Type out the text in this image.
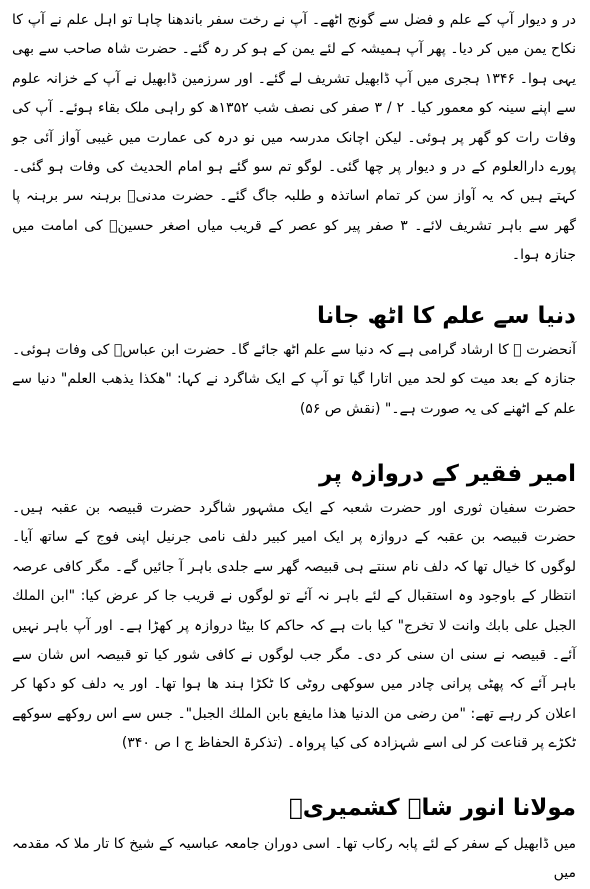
در و دیوار آپ کے علم و فضل سے گونج اٹھے۔ آپ نے رخت سفر باندھنا چاہا تو اہل علم نے آپ کا نکاح یمن میں کر دیا۔ پھر آپ ہمیشہ کے لئے یمن کے ہو کر رہ گئے۔ حضرت شاہ صاحب سے بھی یہی ہوا۔ ۱۳۴۶ ہجری میں آپ ڈابھیل تشریف لے گئے۔ اور سرزمین ڈابھیل نے آپ کے خزانہ علوم سے اپنے سینہ کو معمور کیا۔ ۲ / ۳ صفر کی نصف شب ۱۳۵۲ھ کو راہی ملک بقاء ہوئے۔ آپ کی وفات رات کو گھر پر ہوئی۔ لیکن اچانک مدرسہ میں نو درہ کی عمارت میں غیبی آواز آئی جو پورے دارالعلوم کے در و دیوار پر چھا گئی۔ لوگو تم سو گئے ہو امام الحدیث کی وفات ہو گئی۔ کہتے ہیں کہ یہ آواز سن کر تمام اساتذہ و طلبہ جاگ گئے۔ حضرت مدنیؒ برہنہ سر برہنہ پا گھر سے باہر تشریف لائے۔ ۳ صفر پیر کو عصر کے قریب میاں اصغر حسینؒ کی امامت میں جنازہ ہوا۔

دنیا سے علم کا اٹھ جانا

آنحضرت ﷺ کا ارشاد گرامی ہے کہ دنیا سے علم اٹھ جائے گا۔ حضرت ابن عباسؓ کی وفات ہوئی۔ جنازہ کے بعد میت کو لحد میں اتارا گیا تو آپ کے ایک شاگرد نے کہا: "هكذا يذهب العلم" دنیا سے علم کے اٹھنے کی یہ صورت ہے۔" (نقش ص ۵۶)

امیر فقیر کے دروازہ پر

حضرت سفیان ثوری اور حضرت شعبہ کے ایک مشہور شاگرد حضرت قبیصہ بن عقبہ ہیں۔ حضرت قبیصہ بن عقبہ کے دروازہ پر ایک امیر کبیر دلف نامی جرنیل اپنی فوج کے ساتھ آیا۔ لوگوں کا خیال تھا کہ دلف نام سنتے ہی قبیصہ گھر سے جلدی باہر آ جائیں گے۔ مگر کافی عرصہ انتظار کے باوجود وہ استقبال کے لئے باہر نہ آئے تو لوگوں نے قریب جا کر عرض کیا: "ابن الملك الجبل على بابك وانت لا تخرج" کیا بات ہے کہ حاکم کا بیٹا دروازہ پر کھڑا ہے۔ اور آپ باہر نہیں آئے۔ قبیصہ نے سنی ان سنی کر دی۔ مگر جب لوگوں نے کافی شور کیا تو قبیصہ اس شان سے باہر آئے کہ پھٹی پرانی چادر میں سوکھی روٹی کا ٹکڑا ہند ھا ہوا تھا۔ اور یہ دلف کو دکھا کر اعلان کر رہے تھے: "من رضى من الدنيا هذا مايفع بابن الملك الجبل"۔ جس سے اس روکھے سوکھے ٹکڑے پر قناعت کر لی اسے شہزادہ کی کیا پرواہ۔ (تذکرۃ الحفاظ ج ا ص ۳۴۰)

مولانا انور شاہ کشمیریؒ

میں ڈابھیل کے سفر کے لئے پابہ رکاب تھا۔ اسی دوران جامعہ عباسیہ کے شیخ کا تار ملا کہ مقدمہ میں
